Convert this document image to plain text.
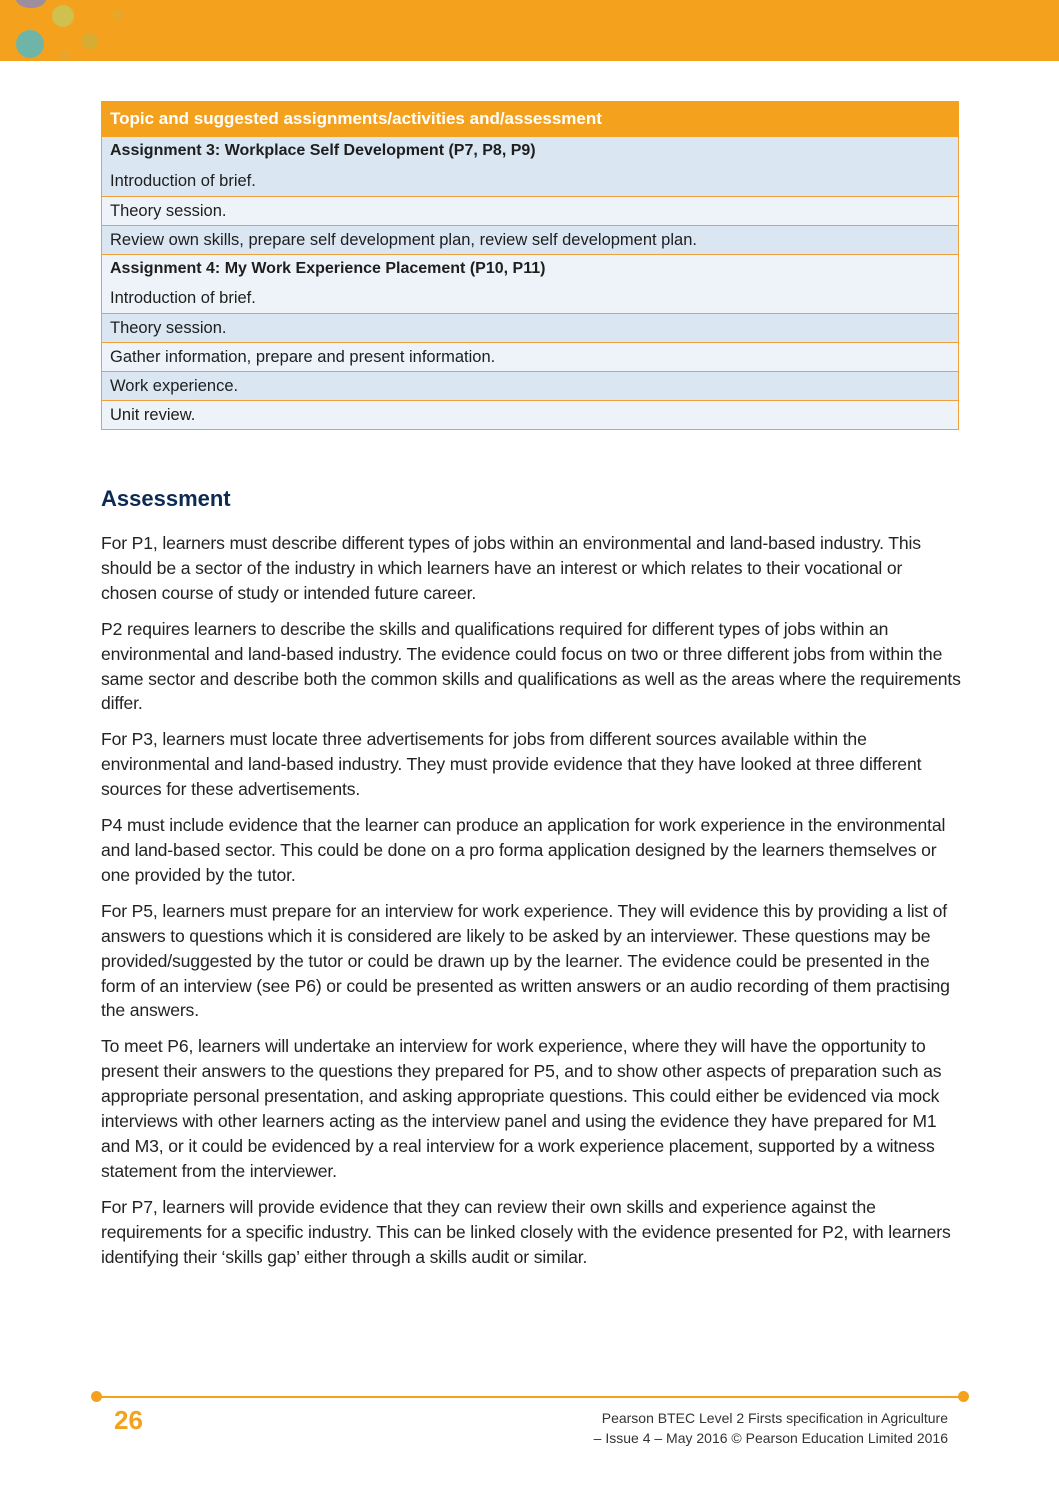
Topic and suggested assignments/activities and/assessment
Assignment 3: Workplace Self Development (P7, P8, P9)
Introduction of brief.
Theory session.
Review own skills, prepare self development plan, review self development plan.
Assignment 4: My Work Experience Placement (P10, P11)
Introduction of brief.
Theory session.
Gather information, prepare and present information.
Work experience.
Unit review.
Assessment

For P1, learners must describe different types of jobs within an environmental and land-based industry. This should be a sector of the industry in which learners have an interest or which relates to their vocational or chosen course of study or intended future career.

P2 requires learners to describe the skills and qualifications required for different types of jobs within an environmental and land-based industry. The evidence could focus on two or three different jobs from within the same sector and describe both the common skills and qualifications as well as the areas where the requirements differ.

For P3, learners must locate three advertisements for jobs from different sources available within the environmental and land-based industry. They must provide evidence that they have looked at three different sources for these advertisements.

P4 must include evidence that the learner can produce an application for work experience in the environmental and land-based sector. This could be done on a pro forma application designed by the learners themselves or one provided by the tutor.

For P5, learners must prepare for an interview for work experience. They will evidence this by providing a list of answers to questions which it is considered are likely to be asked by an interviewer. These questions may be provided/suggested by the tutor or could be drawn up by the learner. The evidence could be presented in the form of an interview (see P6) or could be presented as written answers or an audio recording of them practising the answers.

To meet P6, learners will undertake an interview for work experience, where they will have the opportunity to present their answers to the questions they prepared for P5, and to show other aspects of preparation such as appropriate personal presentation, and asking appropriate questions. This could either be evidenced via mock interviews with other learners acting as the interview panel and using the evidence they have prepared for M1 and M3, or it could be evidenced by a real interview for a work experience placement, supported by a witness statement from the interviewer.

For P7, learners will provide evidence that they can review their own skills and experience against the requirements for a specific industry. This can be linked closely with the evidence presented for P2, with learners identifying their ‘skills gap’ either through a skills audit or similar.

26	Pearson BTEC Level 2 Firsts specification in Agriculture
– Issue 4 – May 2016 © Pearson Education Limited 2016
